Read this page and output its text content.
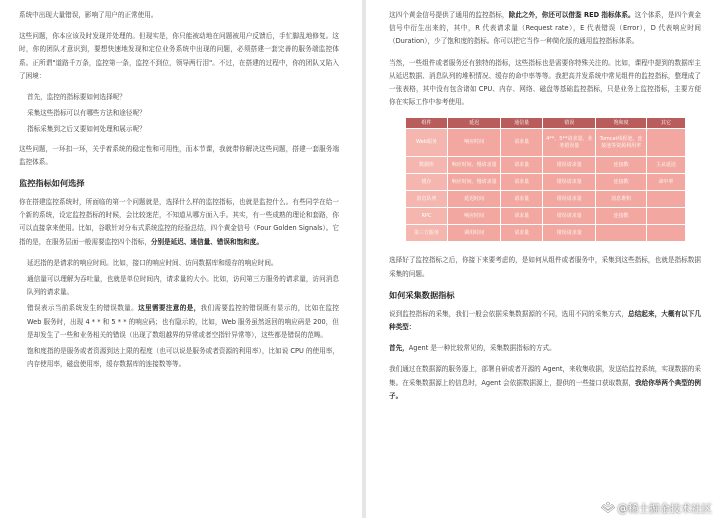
系统中出现大量错误，影响了用户的正常使用。

这些问题，你本应该及时发现并处理的。但现实是，你只能被动地在问题被用户反馈后，手忙脚乱地修复。这时，你的团队才意识到，要想快速地发现和定位业务系统中出现的问题，必须搭建一套完善的服务端监控体系。正所谓"道路千万条，监控第一条，监控不到位，领导两行泪"。不过，在搭建的过程中，你的团队又陷入了困境：

首先，监控的指标要如何选择呢？

采集这些指标可以有哪些方法和途径呢？

指标采集到之后又要如何处理和展示呢？

这些问题，一环扣一环，关乎着系统的稳定性和可用性，而本节课，我就带你解决这些问题，搭建一套服务端监控体系。

监控指标如何选择

你在搭建监控系统时，所面临的第一个问题就是，选择什么样的监控指标，也就是监控什么。有些同学在给一个新的系统，设定监控指标的时候，会比较迷茫，不知道从哪方面入手。其实，有一些成熟的理论和套路，你可以直接拿来使用。比如，谷歌针对分布式系统监控的经验总结，四个黄金信号（Four Golden Signals）。它指的是，在服务层面一般需要监控四个指标，分别是延迟、通信量、错误和饱和度。

延迟指的是请求的响应时间。比如，接口的响应时间、访问数据库和缓存的响应时间。

通信量可以理解为吞吐量，也就是单位时间内，请求量的大小。比如，访问第三方服务的请求量，访问消息队列的请求量。

错误表示当前系统发生的错误数量。这里需要注意的是，我们需要监控的错误既有显示的，比如在监控 Web 服务时，出现 4 * * 和 5 * * 的响应码；也有隐示的，比如，Web 服务虽然返回的响应码是 200，但是却发生了一些和业务相关的错误（出现了数组越界的异常或者空指针异常等），这些都是错误的范畴。

饱和度指的是服务或者资源到达上限的程度（也可以说是服务或者资源的利用率），比如说 CPU 的使用率，内存使用率，磁盘使用率，缓存数据库的连接数等等。

这四个黄金信号提供了通用的监控指标，除此之外，你还可以借鉴 RED 指标体系。这个体系，是四个黄金信号中衍生出来的，其中，R 代表请求量（Request rate），E 代表错误（Error），D 代表响应时间（Duration），少了饱和度的指标。你可以把它当作一种简化版的通用监控指标体系。

当然，一些组件或者服务还有独特的指标，这些指标也是需要你特殊关注的。比如，课程中提到的数据库主从延迟数据、消息队列的堆积情况、缓存的命中率等等。我把高并发系统中常见组件的监控指标，整理成了一张表格，其中没有包含诸如 CPU、内存、网络、磁盘等基础监控指标，只是业务上监控指标，主要方便你在实际工作中参考使用。

组件	延迟	通信量	错误	饱和度	其它
Web服务	响应时间	请求量	4**、5**请求量、业务错误量	Tomcat线程池，连接池等资源利用率	
数据库	响应时间、慢请求量	请求量	错误请求量	连接数	主从延迟
缓存	响应时间、慢请求量	请求量	错误请求量	连接数	命中率
消息队列	延迟时间	请求量	错误请求量	消息堆积	
RPC	响应时间	请求量	错误请求量	连接数	
第三方服务	调用时间	请求量	错误请求量		

选择好了监控指标之后，你接下来要考虑的，是如何从组件或者服务中，采集到这些指标，也就是指标数据采集的问题。

如何采集数据指标

说到监控指标的采集，我们一般会依据采集数据源的不同，选用不同的采集方式，总结起来，大概有以下几种类型：

首先，Agent 是一种比较常见的，采集数据指标的方式。

我们通过在数据源的服务器上，部署自研或者开源的 Agent，来收集收据，发送给监控系统，实现数据的采集。在采集数据源上的信息时，Agent 会依据数据源上，提供的一些接口获取数据，我给你举两个典型的例子。

@稀土掘金技术社区
